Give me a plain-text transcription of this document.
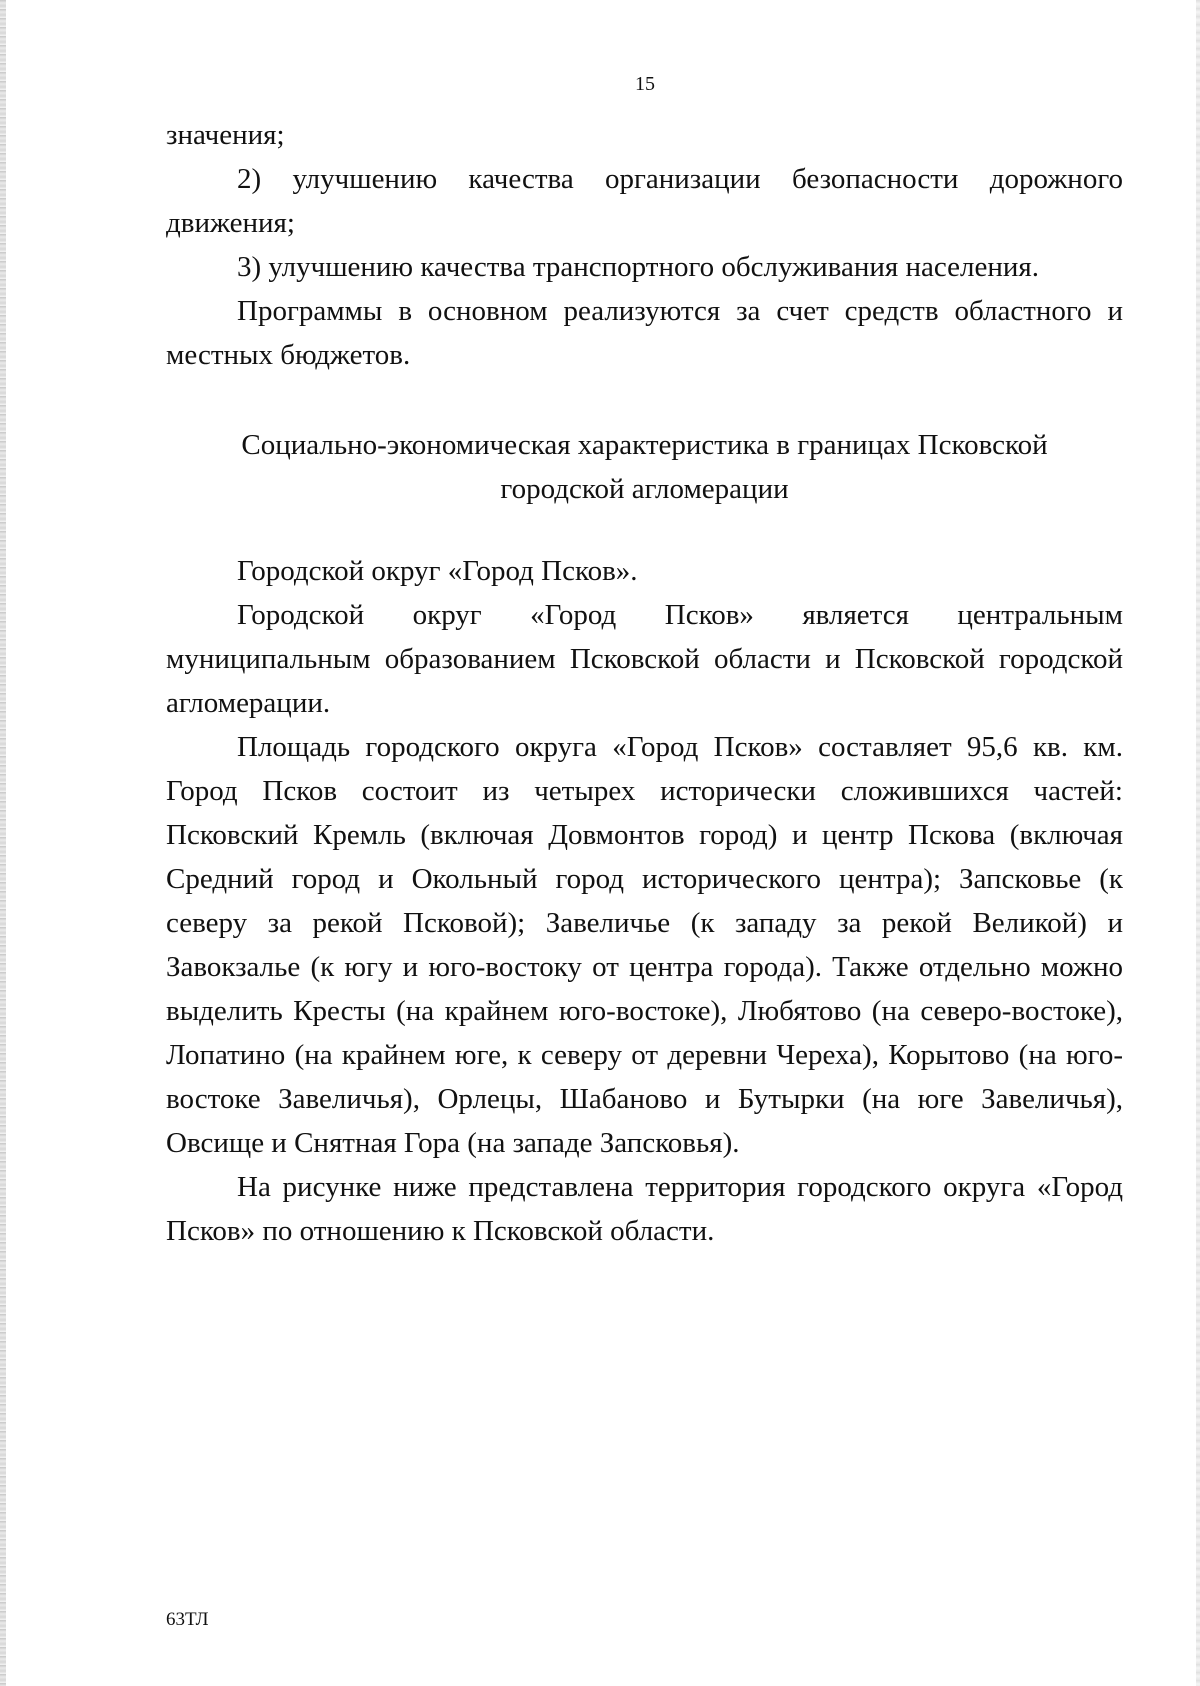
15

значения;

2) улучшению качества организации безопасности дорожного движения;

3) улучшению качества транспортного обслуживания населения.

Программы в основном реализуются за счет средств областного и местных бюджетов.

Социально-экономическая характеристика в границах Псковской
городской агломерации

Городской округ «Город Псков».

Городской округ «Город Псков» является центральным муниципальным образованием Псковской области и Псковской городской агломерации.

Площадь городского округа «Город Псков» составляет 95,6 кв. км. Город Псков состоит из четырех исторически сложившихся частей: Псковский Кремль (включая Довмонтов город) и центр Пскова (включая Средний город и Окольный город исторического центра); Запсковье (к северу за рекой Псковой); Завеличье (к западу за рекой Великой) и Завокзалье (к югу и юго-востоку от центра города). Также отдельно можно выделить Кресты (на крайнем юго-востоке), Любятово (на северо-востоке), Лопатино (на крайнем юге, к северу от деревни Череха), Корытово (на юго-востоке Завеличья), Орлецы, Шабаново и Бутырки (на юге Завеличья), Овсище и Снятная Гора (на западе Запсковья).

На рисунке ниже представлена территория городского округа «Город Псков» по отношению к Псковской области.

63ТЛ
